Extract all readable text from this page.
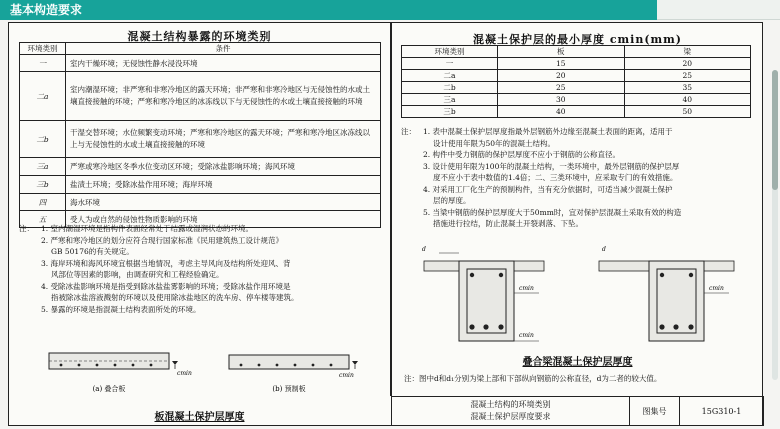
基本构造要求
混凝土结构暴露的环境类别
环境类别	条件
一	室内干燥环境；无侵蚀性静水浸没环境
二a	室内潮湿环境；非严寒和非寒冷地区的露天环境；非严寒和非寒冷地区与无侵蚀性的水或土壤直接接触的环境；严寒和寒冷地区的冰冻线以下与无侵蚀性的水或土壤直接接触的环境
二b	干湿交替环境；水位频繁变动环境；严寒和寒冷地区的露天环境；严寒和寒冷地区冰冻线以上与无侵蚀性的水或土壤直接接触的环境
三a	严寒或寒冷地区冬季水位变动区环境；受除冰盐影响环境；海风环境
三b	盐渍土环境；受除冰盐作用环境；海岸环境
四	海水环境
五	受人为或自然的侵蚀性物质影响的环境
注： 1. 室内潮湿环境是指构件表面经常处于结露或湿润状态的环境。
2. 严寒和寒冷地区的划分应符合现行国家标准《民用建筑热工设计规范》
GB 50176的有关规定。
3. 海岸环境和海风环境宜根据当地情况，考虑主导风向及结构所处迎风、背
风部位等因素的影响，由调查研究和工程经验确定。
4. 受除冰盐影响环境是指受到除冰盐盐雾影响的环境；受除冰盐作用环境是
指被除冰盐溶液溅射的环境以及使用除冰盐地区的洗车房、停车楼等建筑。
5. 暴露的环境是指混凝土结构表面所处的环境。
cmin	cmin
(a) 叠合板	(b) 预制板
板混凝土保护层厚度
混凝土保护层的最小厚度 cmin(mm)
环境类别	板	梁
一	15	20
二a	20	25
二b	25	35
三a	30	40
三b	40	50
注： 1. 表中混凝土保护层厚度指最外层钢筋外边缘至混凝土表面的距离，适用于
设计使用年限为50年的混凝土结构。
2. 构件中受力钢筋的保护层厚度不应小于钢筋的公称直径。
3. 设计使用年限为100年的混凝土结构，一类环境中，最外层钢筋的保护层厚
度不应小于表中数值的1.4倍；二、三类环境中，应采取专门的有效措施。
4. 对采用工厂化生产的预制构件，当有充分依据时，可适当减少混凝土保护
层的厚度。
5. 当梁中钢筋的保护层厚度大于50mm时，宜对保护层混凝土采取有效的构造
措施进行拉结，防止混凝土开裂剥落、下坠。
d
cmin
cmin
cmin
d
叠合梁混凝土保护层厚度
注：图中d和d₁分别为梁上部和下部纵向钢筋的公称直径，d为二者的较大值。
混凝土结构的环境类别
混凝土保护层厚度要求
	图集号	15G310-1
